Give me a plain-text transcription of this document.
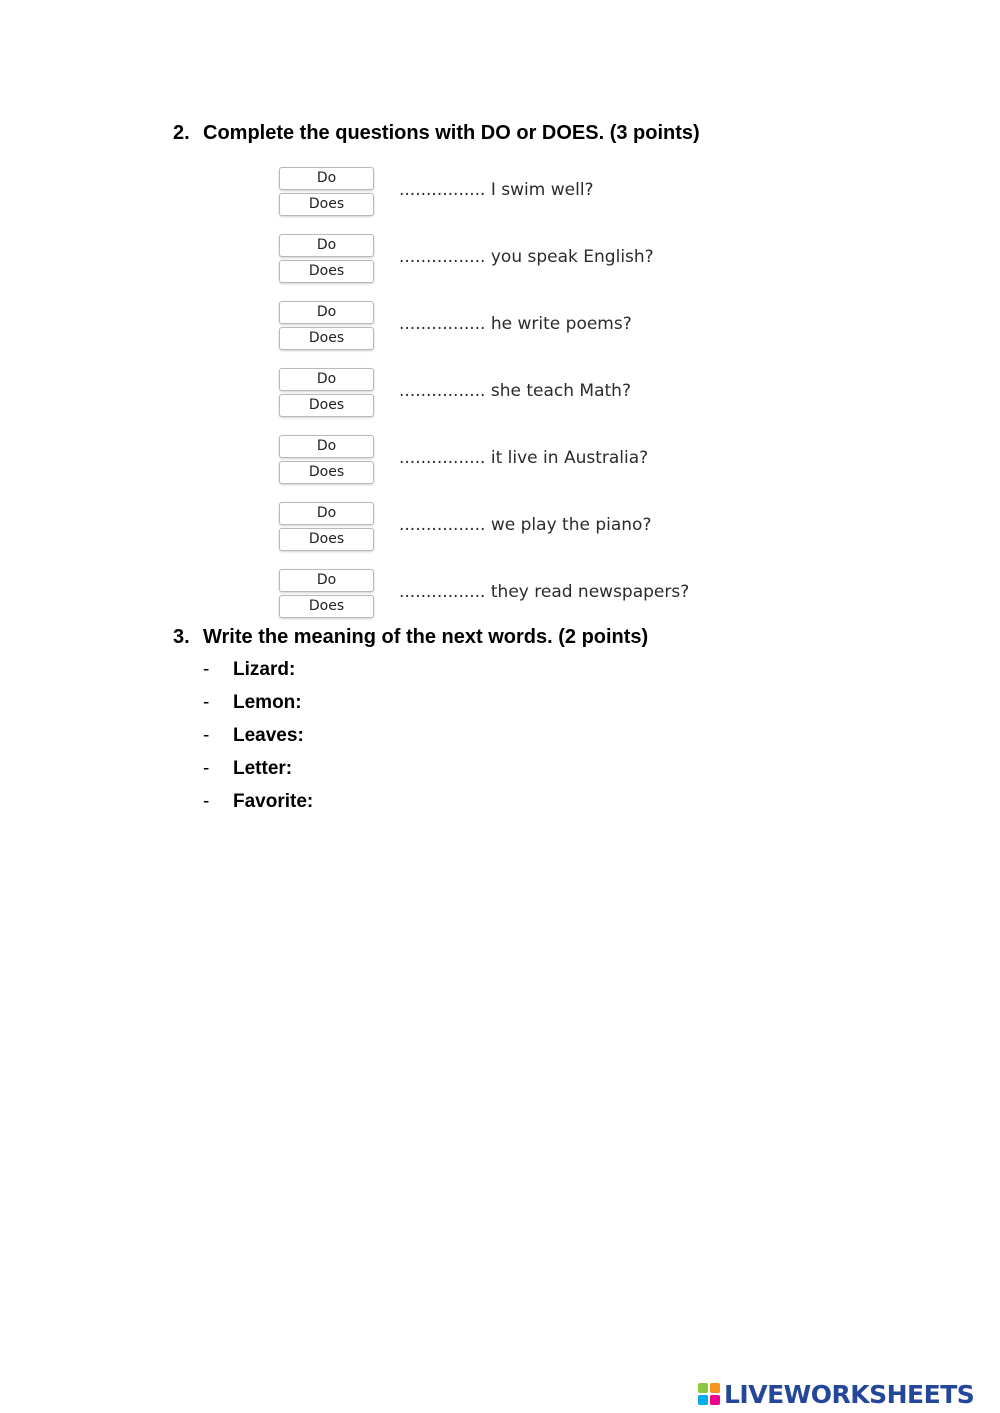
2. Complete the questions with DO or DOES. (3 points)
Do
Does
................ I swim well?
Do
Does
................ you speak English?
Do
Does
................ he write poems?
Do
Does
................ she teach Math?
Do
Does
................ it live in Australia?
Do
Does
................ we play the piano?
Do
Does
................ they read newspapers?
3. Write the meaning of the next words. (2 points)
- Lizard:
- Lemon:
- Leaves:
- Letter:
- Favorite:
LIVEWORKSHEETS
